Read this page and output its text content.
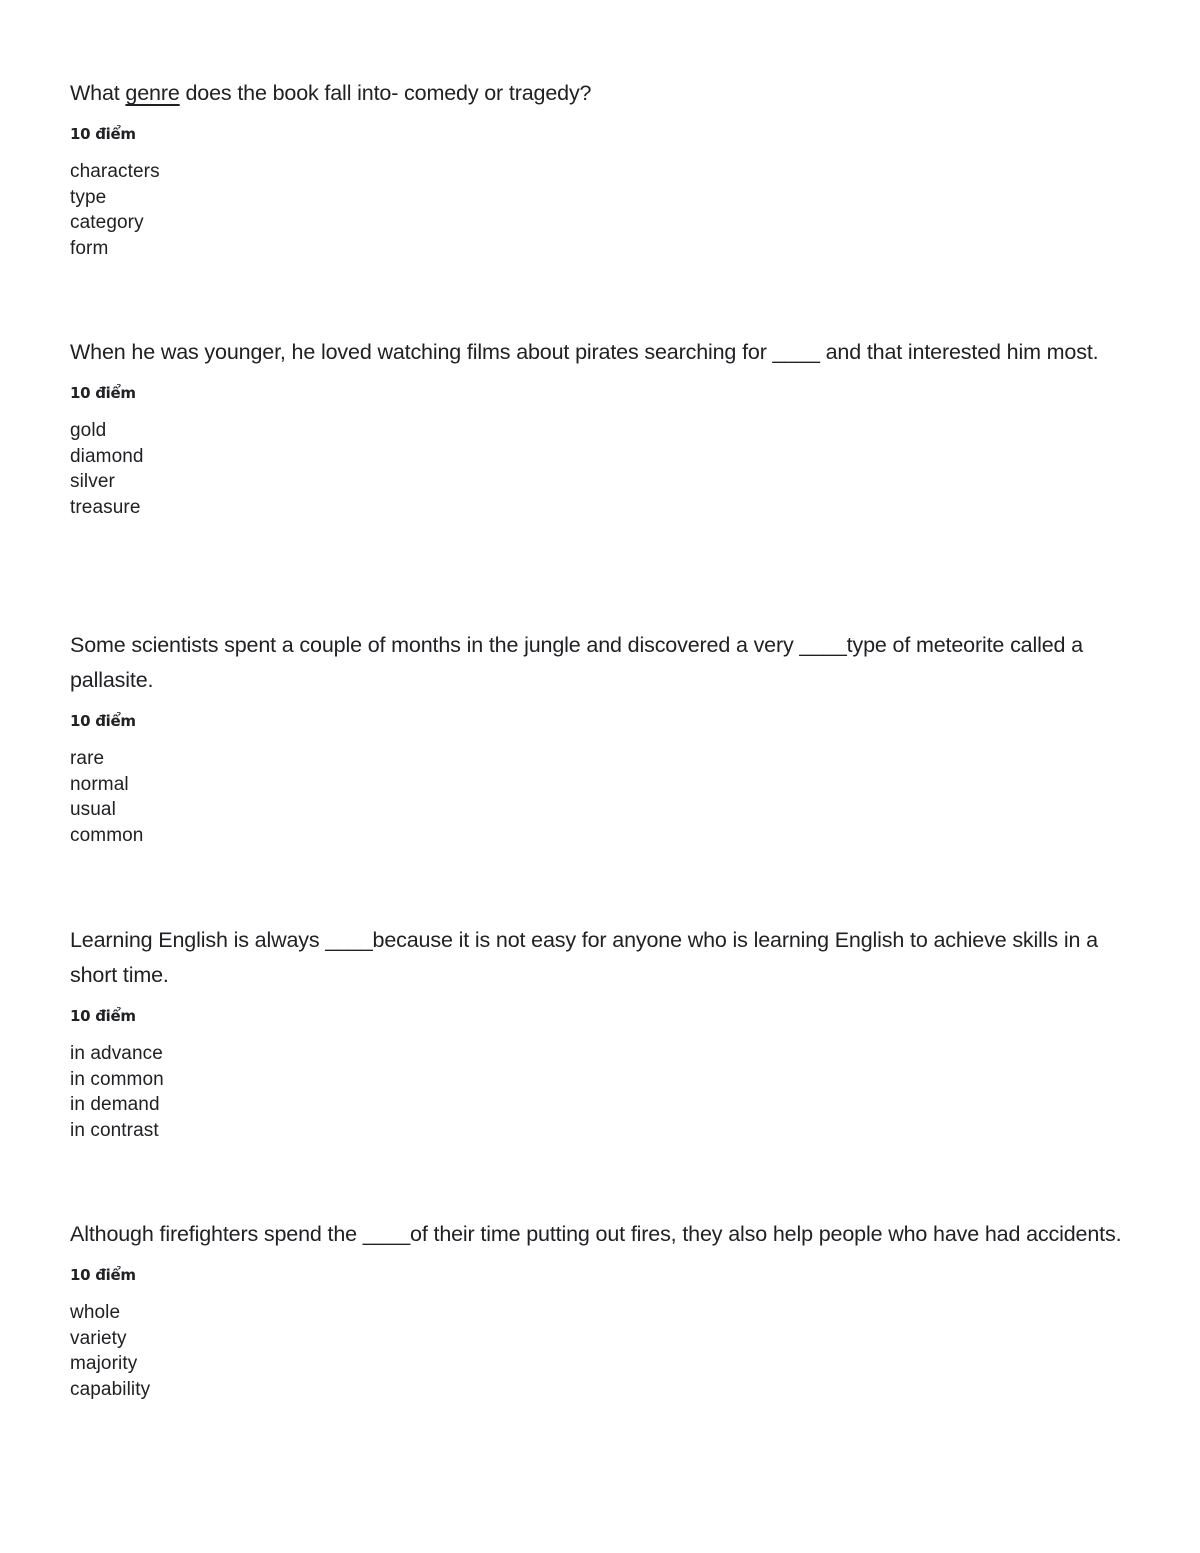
What genre does the book fall into- comedy or tragedy?

10 điểm
characters
type
category
form

When he was younger, he loved watching films about pirates searching for ____ and that interested him most.

10 điểm
gold
diamond
silver
treasure

Some scientists spent a couple of months in the jungle and discovered a very ____type of meteorite called a pallasite.

10 điểm
rare
normal
usual
common

Learning English is always ____because it is not easy for anyone who is learning English to achieve skills in a short time.

10 điểm
in advance
in common
in demand
in contrast

Although firefighters spend the ____of their time putting out fires, they also help people who have had accidents.

10 điểm
whole
variety
majority
capability
